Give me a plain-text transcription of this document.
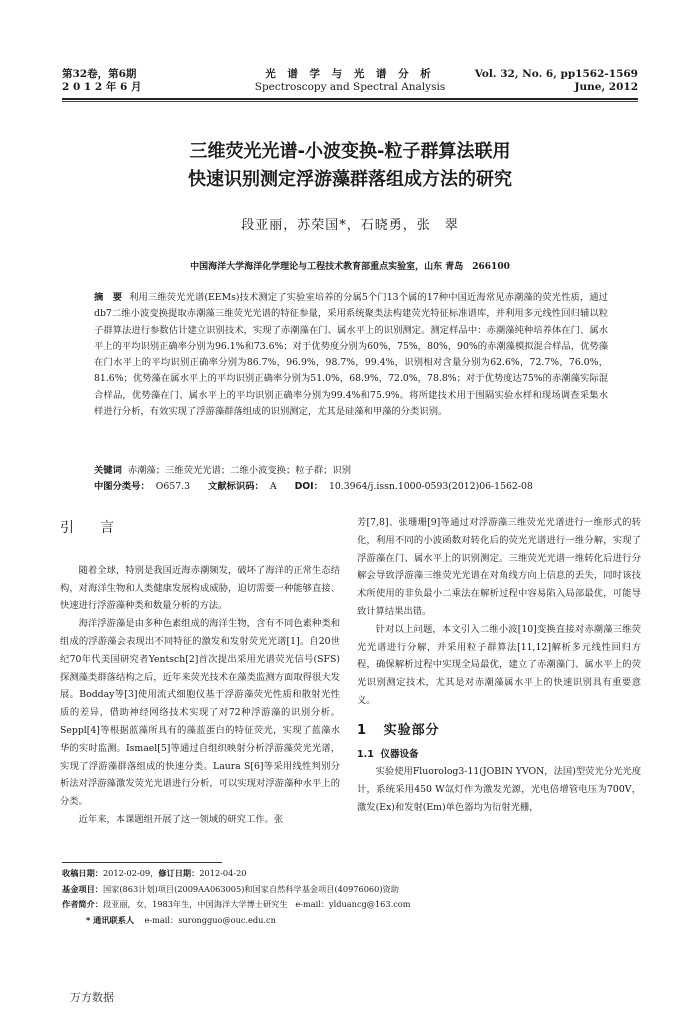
第32卷，第6期
2 0 1 2 年 6 月
光 谱 学 与 光 谱 分 析
Spectroscopy and Spectral Analysis
Vol. 32, No. 6, pp1562-1569
June, 2012
三维荧光光谱-小波变换-粒子群算法联用
快速识别测定浮游藻群落组成方法的研究
段亚丽，苏荣国*，石晓勇，张　翠
中国海洋大学海洋化学理论与工程技术教育部重点实验室，山东 青岛　266100
摘 要 利用三维荧光光谱(EEMs)技术测定了实验室培养的分属5个门13个属的17种中国近海常见赤潮藻的荧光性质，通过db7二维小波变换提取赤潮藻三维荧光光谱的特征参量，采用系统聚类法构建荧光特征标准谱库，并利用多元线性回归辅以粒子群算法进行参数估计建立识别技术，实现了赤潮藻在门、属水平上的识别测定。测定样品中：赤潮藻纯种培养体在门、属水平上的平均识别正确率分别为96.1%和73.6%；对于优势度分别为60%，75%，80%，90%的赤潮藻模拟混合样品，优势藻在门水平上的平均识别正确率分别为86.7%，96.9%，98.7%，99.4%，识别相对含量分别为62.6%，72.7%，76.0%，81.6%；优势藻在属水平上的平均识别正确率分别为51.0%，68.9%，72.0%，78.8%；对于优势度达75%的赤潮藻实际混合样品，优势藻在门、属水平上的平均识别正确率分别为99.4%和75.9%。将所建技术用于围隔实验水样和现场调查采集水样进行分析，有效实现了浮游藻群落组成的识别测定，尤其是硅藻和甲藻的分类识别。
关键词 赤潮藻；三维荧光光谱；二维小波变换；粒子群；识别
中图分类号： O657.3 文献标识码： A DOI： 10.3964/j.issn.1000-0593(2012)06-1562-08
引　言

随着全球，特别是我国近海赤潮频发，破坏了海洋的正常生态结构，对海洋生物和人类健康发展构成威胁，迫切需要一种能够直接、快速进行浮游藻种类和数量分析的方法。

海洋浮游藻是由多种色素组成的海洋生物，含有不同色素种类和组成的浮游藻会表现出不同特征的激发和发射荧光光谱[1]。自20世纪70年代美国研究者Yentsch[2]首次提出采用光谱荧光信号(SFS)探测藻类群落结构之后，近年来荧光技术在藻类监测方面取得很大发展。Bodday等[3]使用流式细胞仪基于浮游藻荧光性质和散射光性质的差异，借助神经网络技术实现了对72种浮游藻的识别分析。Seppl[4]等根据蓝藻所具有的藻蓝蛋白的特征荧光，实现了蓝藻水华的实时监测。Ismael[5]等通过自组织映射分析浮游藻荧光光谱，实现了浮游藻群落组成的快速分类。Laura S[6]等采用线性判别分析法对浮游藻激发荧光光谱进行分析，可以实现对浮游藻种水平上的分类。

近年来，本课题组开展了这一领域的研究工作。张

芳[7,8]、张珊珊[9]等通过对浮游藻三维荧光光谱进行一维形式的转化，利用不同的小波函数对转化后的荧光光谱进行一维分解，实现了浮游藻在门、属水平上的识别测定。三维荧光光谱一维转化后进行分解会导致浮游藻三维荧光光谱在对角线方向上信息的丢失，同时该技术所使用的非负最小二乘法在解析过程中容易陷入局部最优，可能导致计算结果出错。

针对以上问题，本文引入二维小波[10]变换直接对赤潮藻三维荧光光谱进行分解，并采用粒子群算法[11,12]解析多元线性回归方程，确保解析过程中实现全局最优，建立了赤潮藻门、属水平上的荧光识别测定技术，尤其是对赤潮藻属水平上的快速识别具有重要意义。

1 实验部分
1.1 仪器设备

实验使用Fluorolog3-11(JOBIN YVON，法国)型荧光分光光度计，系统采用450 W氙灯作为激发光源，光电倍增管电压为700V，激发(Ex)和发射(Em)单色器均为衍射光栅，

收稿日期：2012-02-09，修订日期：2012-04-20
基金项目：国家(863计划)项目(2009AA063005)和国家自然科学基金项目(40976060)资助
作者简介：段亚丽，女，1983年生，中国海洋大学博士研究生 e-mail：ylduancg@163.com
* 通讯联系人 e-mail：surongguo@ouc.edu.cn
万方数据
